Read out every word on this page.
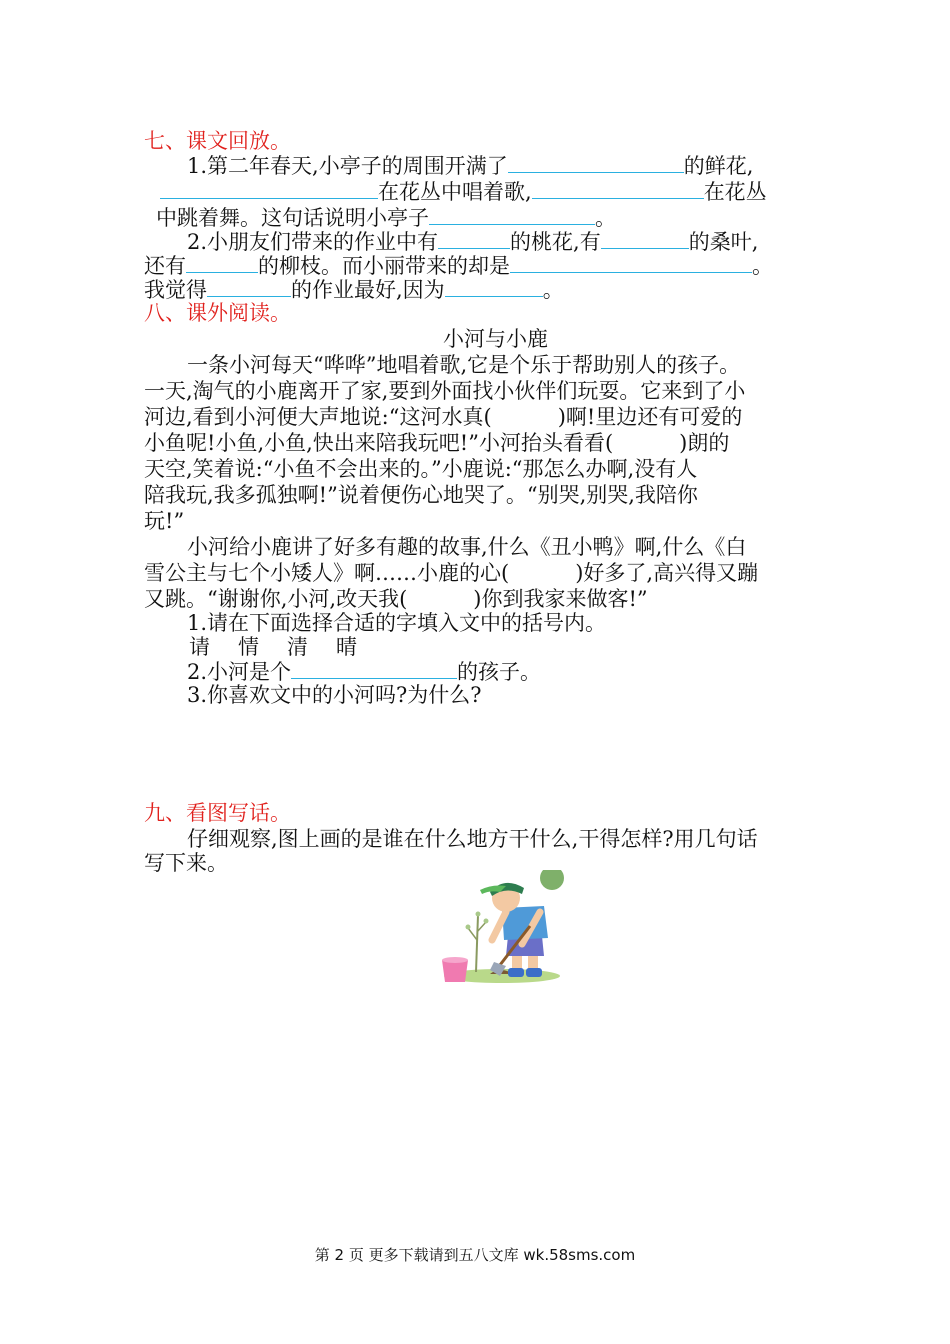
七、课文回放。
1.第二年春天,小亭子的周围开满了	的鲜花,
在花丛中唱着歌,	在花丛
中跳着舞。这句话说明小亭子	。
2.小朋友们带来的作业中有	的桃花,有	的桑叶,
还有	的柳枝。而小丽带来的却是	。
我觉得	的作业最好,因为	。
八、课外阅读。
小河与小鹿
一条小河每天“哗哗”地唱着歌,它是个乐于帮助别人的孩子。
一天,淘气的小鹿离开了家,要到外面找小伙伴们玩耍。它来到了小
河边,看到小河便大声地说:“这河水真(	)啊!里边还有可爱的
小鱼呢!小鱼,小鱼,快出来陪我玩吧!”小河抬头看看(	)朗的
天空,笑着说:“小鱼不会出来的。”小鹿说:“那怎么办啊,没有人
陪我玩,我多孤独啊!”说着便伤心地哭了。“别哭,别哭,我陪你
玩!”
小河给小鹿讲了好多有趣的故事,什么《丑小鸭》啊,什么《白
雪公主与七个小矮人》啊……小鹿的心(	)好多了,高兴得又蹦
又跳。“谢谢你,小河,改天我(	)你到我家来做客!”
1.请在下面选择合适的字填入文中的括号内。
请 情 清 晴
2.小河是个	的孩子。
3.你喜欢文中的小河吗?为什么?
九、看图写话。
仔细观察,图上画的是谁在什么地方干什么,干得怎样?用几句话
写下来。
第 2 页 更多下载请到五八文库 wk.58sms.com
